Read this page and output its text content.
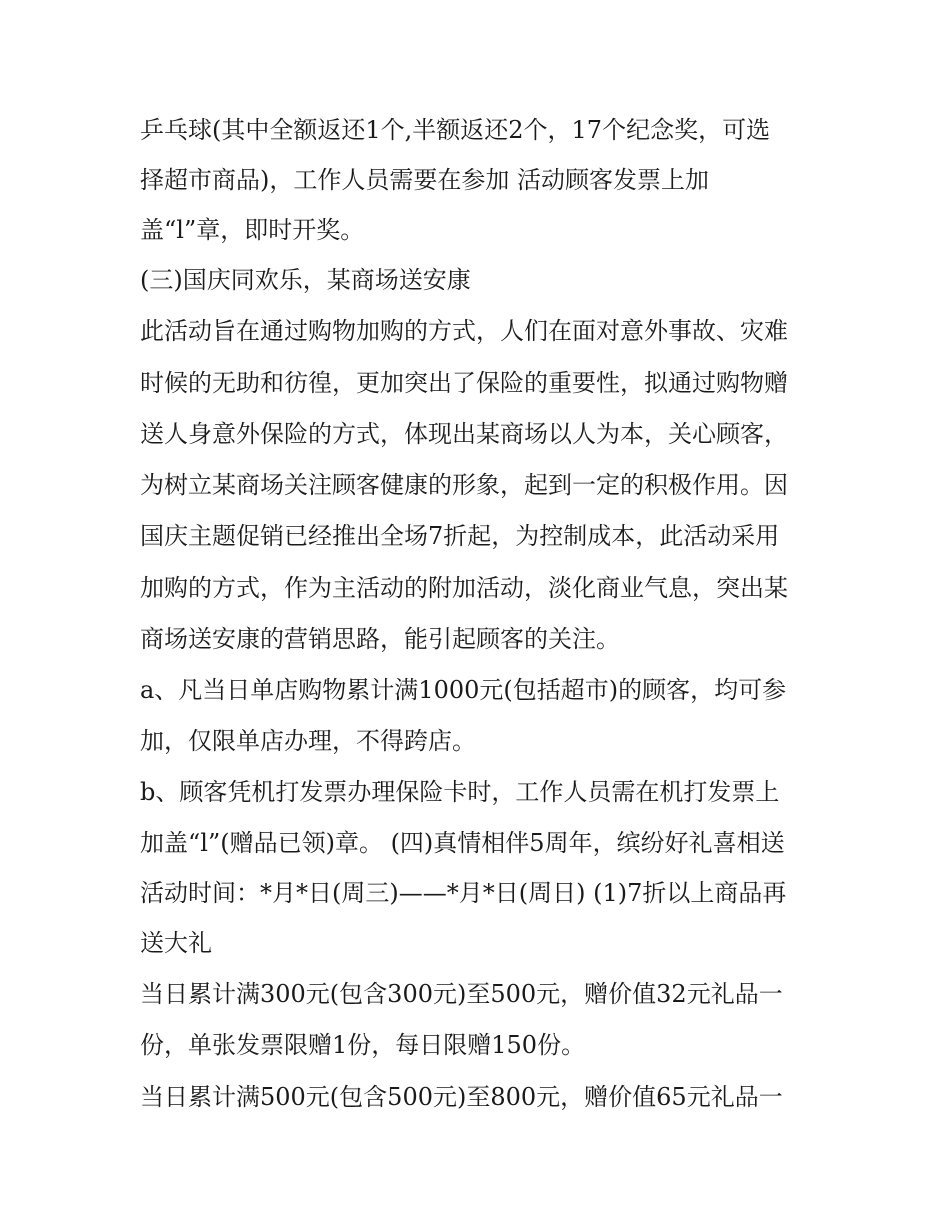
乒乓球(其中全额返还1个,半额返还2个，17个纪念奖，可选
择超市商品)，工作人员需要在参加 活动顾客发票上加
盖“l”章，即时开奖。
(三)国庆同欢乐，某商场送安康
此活动旨在通过购物加购的方式，人们在面对意外事故、灾难
时候的无助和彷徨，更加突出了保险的重要性，拟通过购物赠
送人身意外保险的方式，体现出某商场以人为本，关心顾客，
为树立某商场关注顾客健康的形象，起到一定的积极作用。因
国庆主题促销已经推出全场7折起，为控制成本，此活动采用
加购的方式，作为主活动的附加活动，淡化商业气息，突出某
商场送安康的营销思路，能引起顾客的关注。
a、凡当日单店购物累计满1000元(包括超市)的顾客，均可参
加，仅限单店办理，不得跨店。
b、顾客凭机打发票办理保险卡时，工作人员需在机打发票上
加盖“l”(赠品已领)章。 (四)真情相伴5周年，缤纷好礼喜相送
活动时间：*月*日(周三)——*月*日(周日) (1)7折以上商品再
送大礼
当日累计满300元(包含300元)至500元，赠价值32元礼品一
份，单张发票限赠1份，每日限赠150份。
当日累计满500元(包含500元)至800元，赠价值65元礼品一
